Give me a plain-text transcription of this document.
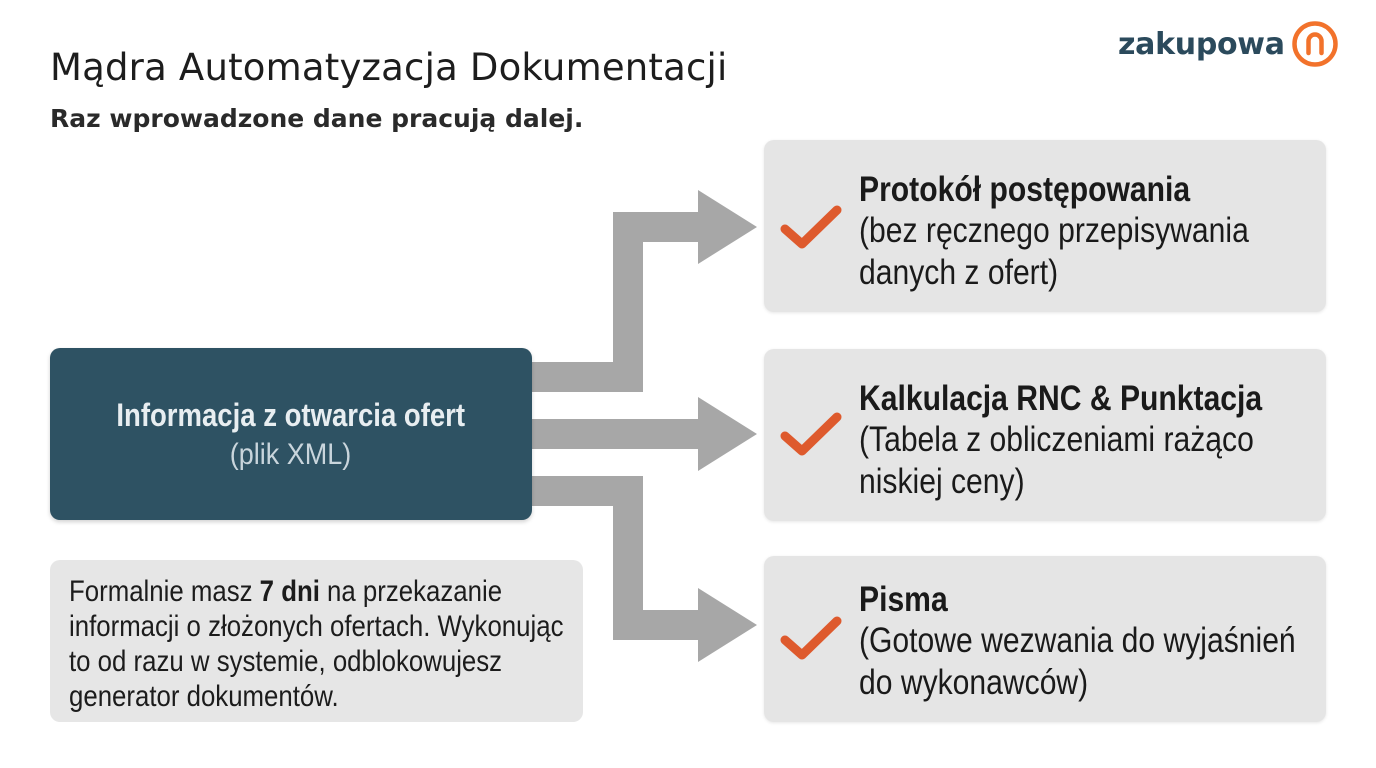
Mądra Automatyzacja Dokumentacji
Raz wprowadzone dane pracują dalej.
zakupowa
Informacja z otwarcia ofert
(plik XML)

Formalnie masz 7 dni na przekazanie informacji o złożonych ofertach. Wykonując to od razu w systemie, odblokowujesz generator dokumentów.

Protokół postępowania
(bez ręcznego przepisywania danych z ofert)
Kalkulacja RNC & Punktacja
(Tabela z obliczeniami rażąco niskiej ceny)
Pisma
(Gotowe wezwania do wyjaśnień do wykonawców)
